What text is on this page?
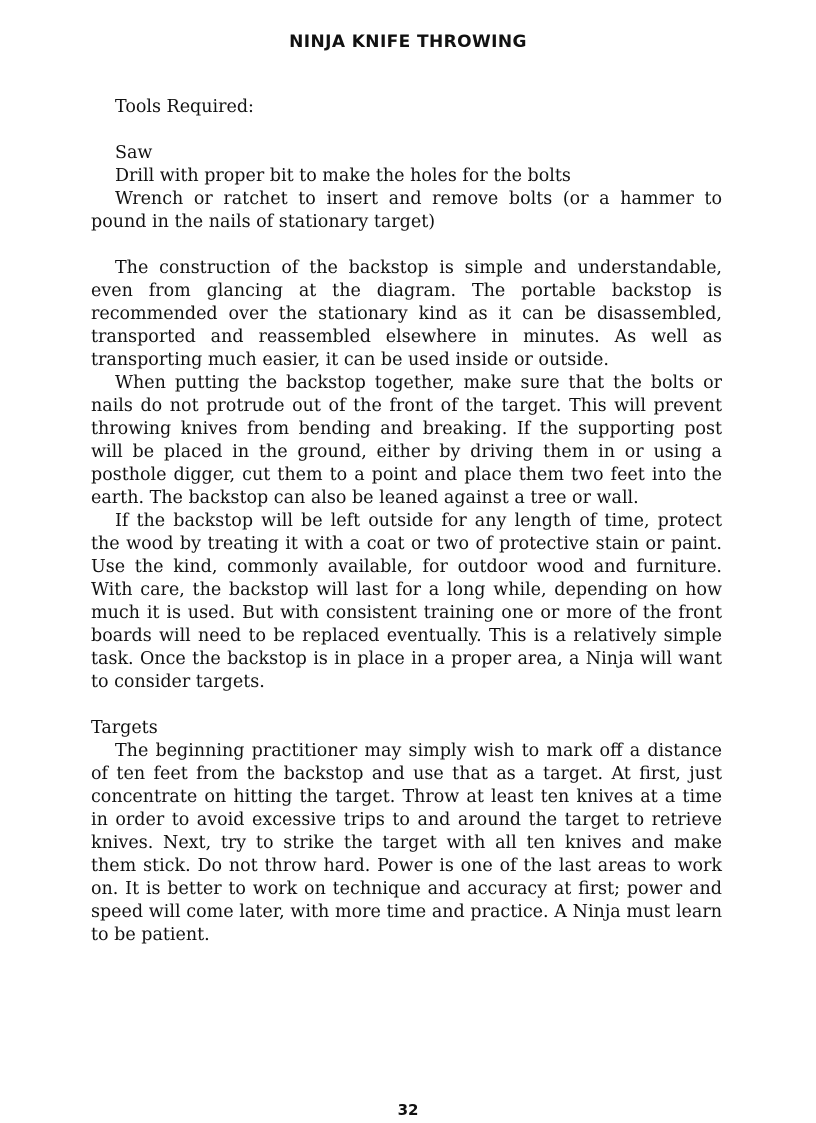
NINJA KNIFE THROWING

Tools Required:

Saw

Drill with proper bit to make the holes for the bolts

Wrench or ratchet to insert and remove bolts (or a hammer to pound in the nails of stationary target)

The construction of the backstop is simple and understandable, even from glancing at the diagram. The portable backstop is recommended over the stationary kind as it can be disassembled, transported and reassembled elsewhere in minutes. As well as transporting much easier, it can be used inside or outside.

When putting the backstop together, make sure that the bolts or nails do not protrude out of the front of the target. This will prevent throwing knives from bending and breaking. If the supporting post will be placed in the ground, either by driving them in or using a posthole digger, cut them to a point and place them two feet into the earth. The backstop can also be leaned against a tree or wall.

If the backstop will be left outside for any length of time, protect the wood by treating it with a coat or two of protective stain or paint. Use the kind, commonly available, for outdoor wood and furniture. With care, the backstop will last for a long while, depending on how much it is used. But with consistent training one or more of the front boards will need to be replaced eventually. This is a relatively simple task. Once the backstop is in place in a proper area, a Ninja will want to consider targets.

Targets

The beginning practitioner may simply wish to mark off a distance of ten feet from the backstop and use that as a target. At first, just concentrate on hitting the target. Throw at least ten knives at a time in order to avoid excessive trips to and around the target to retrieve knives. Next, try to strike the target with all ten knives and make them stick. Do not throw hard. Power is one of the last areas to work on. It is better to work on technique and accuracy at first; power and speed will come later, with more time and practice. A Ninja must learn to be patient.

32
